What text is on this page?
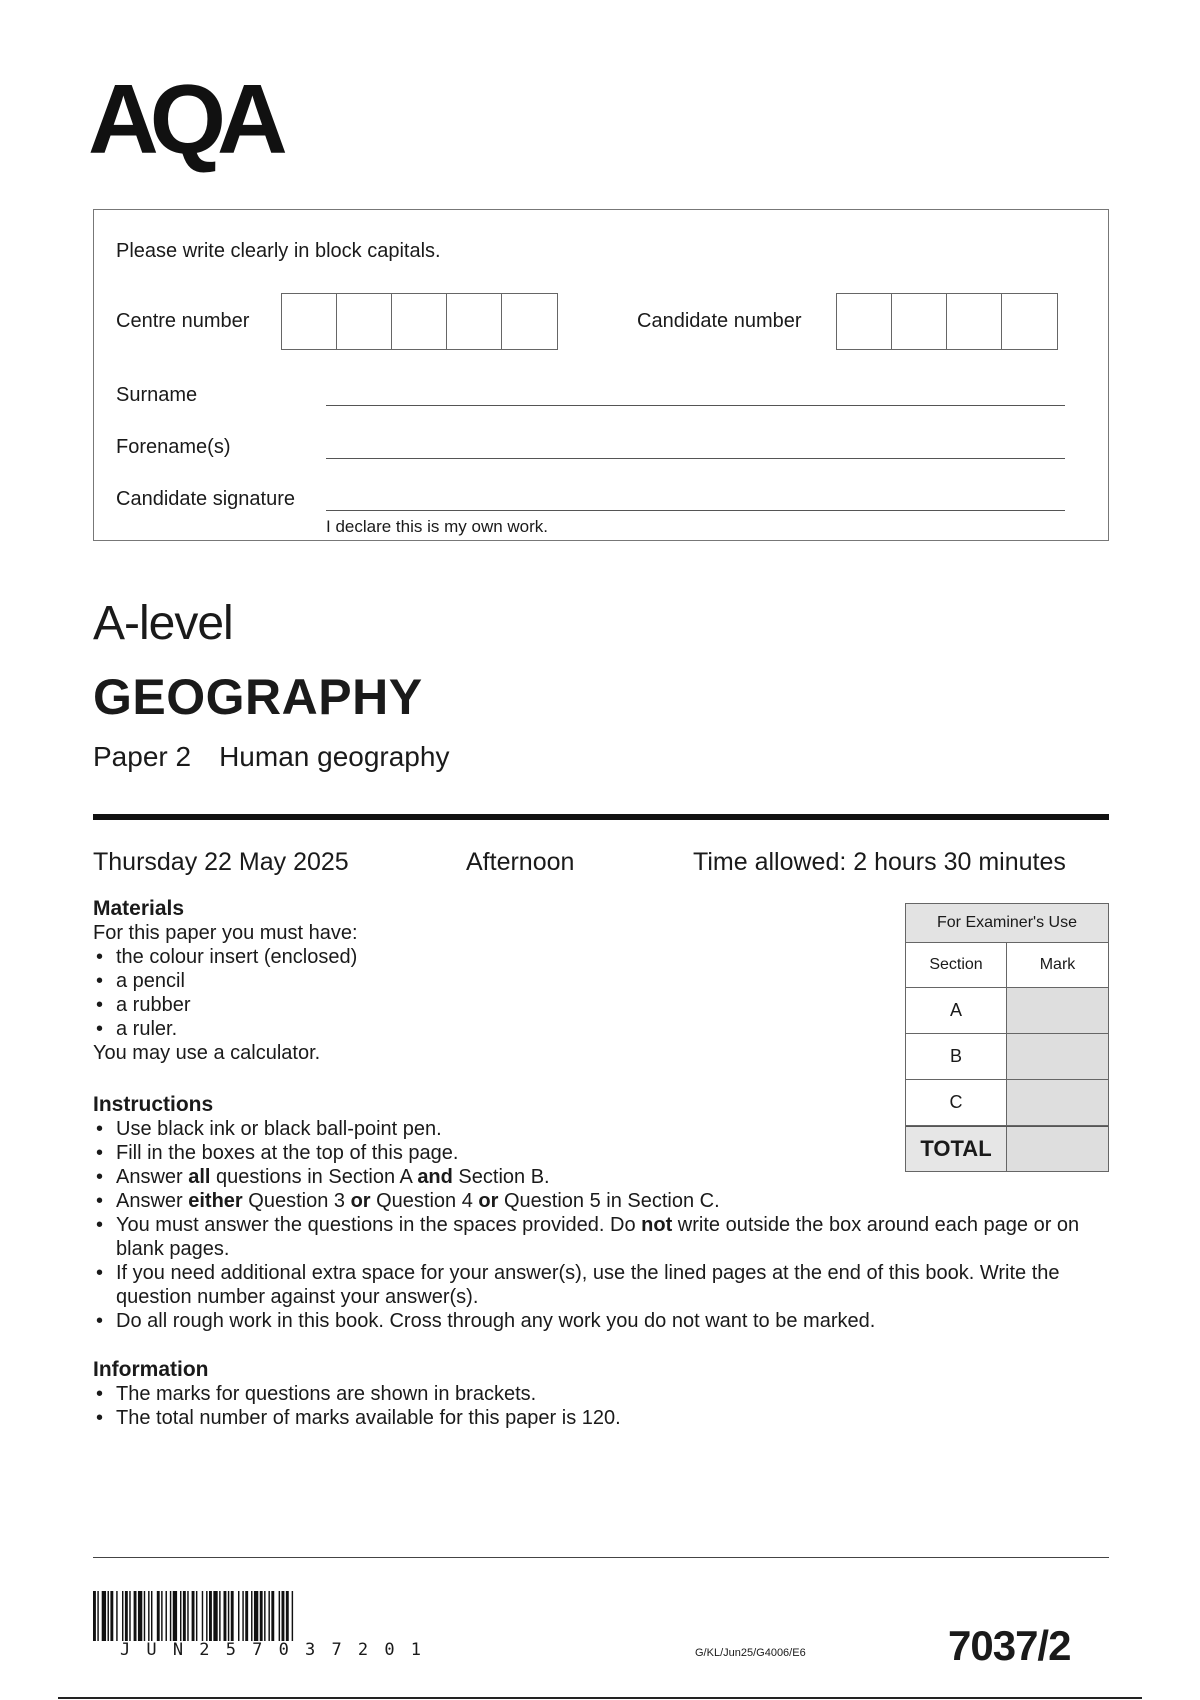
AQA
Please write clearly in block capitals.
Centre number	Candidate number
Surname
Forename(s)
Candidate signature
I declare this is my own work.
A-level
GEOGRAPHY
Paper 2 Human geography
Thursday 22 May 2025	Afternoon	Time allowed: 2 hours 30 minutes
Materials

For this paper you must have:

• the colour insert (enclosed)
• a pencil
• a rubber
• a ruler.

You may use a calculator.

Instructions
• Use black ink or black ball-point pen.
• Fill in the boxes at the top of this page.
• Answer all questions in Section A and Section B.
• Answer either Question 3 or Question 4 or Question 5 in Section C.
• You must answer the questions in the spaces provided. Do not write outside the box around each page or on blank pages.
• If you need additional extra space for your answer(s), use the lined pages at the end of this book. Write the question number against your answer(s).
• Do all rough work in this book. Cross through any work you do not want to be marked.
Information
• The marks for questions are shown in brackets.
• The total number of marks available for this paper is 120.
For Examiner's Use
Section	Mark
A
B
C
TOTAL
JUN257037201	G/KL/Jun25/G4006/E6	7037/2
